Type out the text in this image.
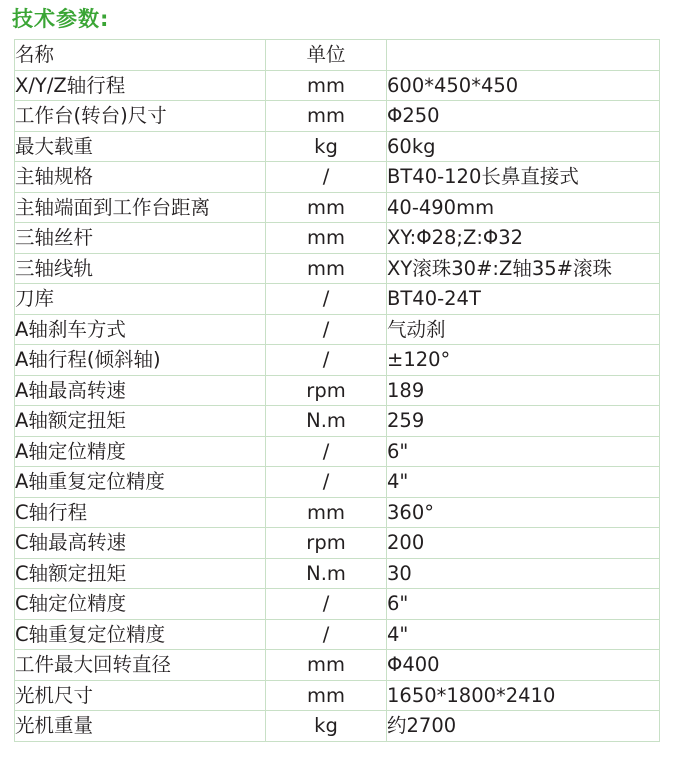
技术参数:
名称	单位	
X/Y/Z轴行程	mm	600*450*450
工作台(转台)尺寸	mm	Φ250
最大载重	kg	60kg
主轴规格	/	BT40-120长鼻直接式
主轴端面到工作台距离	mm	40-490mm
三轴丝杆	mm	XY:Φ28;Z:Φ32
三轴线轨	mm	XY滚珠30#:Z轴35#滚珠
刀库	/	BT40-24T
A轴刹车方式	/	气动刹
A轴行程(倾斜轴)	/	±120°
A轴最高转速	rpm	189
A轴额定扭矩	N.m	259
A轴定位精度	/	6"
A轴重复定位精度	/	4"
C轴行程	mm	360°
C轴最高转速	rpm	200
C轴额定扭矩	N.m	30
C轴定位精度	/	6"
C轴重复定位精度	/	4"
工件最大回转直径	mm	Φ400
光机尺寸	mm	1650*1800*2410
光机重量	kg	约2700
